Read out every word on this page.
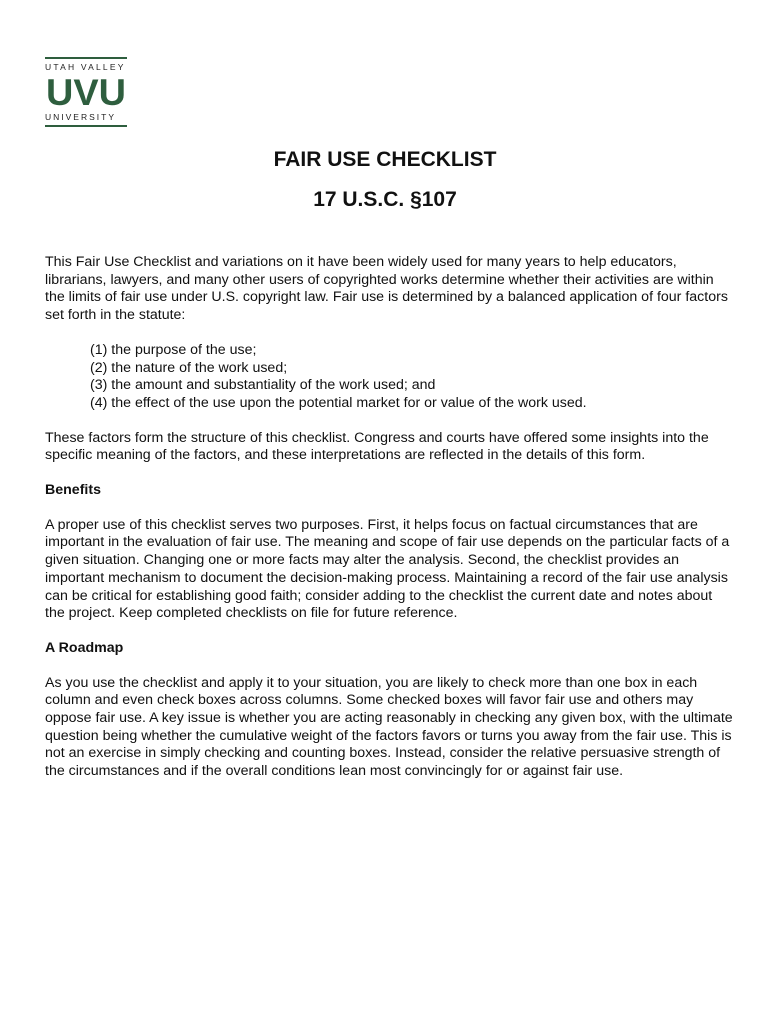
UTAH VALLEY
UVU
UNIVERSITY
FAIR USE CHECKLIST
17 U.S.C. §107

This Fair Use Checklist and variations on it have been widely used for many years to help educators, librarians, lawyers, and many other users of copyrighted works determine whether their activities are within the limits of fair use under U.S. copyright law. Fair use is determined by a balanced application of four factors set forth in the statute:

(1) the purpose of the use;
(2) the nature of the work used;
(3) the amount and substantiality of the work used; and
(4) the effect of the use upon the potential market for or value of the work used.

These factors form the structure of this checklist. Congress and courts have offered some insights into the specific meaning of the factors, and these interpretations are reflected in the details of this form.

Benefits

A proper use of this checklist serves two purposes. First, it helps focus on factual circumstances that are important in the evaluation of fair use. The meaning and scope of fair use depends on the particular facts of a given situation. Changing one or more facts may alter the analysis. Second, the checklist provides an important mechanism to document the decision-making process. Maintaining a record of the fair use analysis can be critical for establishing good faith; consider adding to the checklist the current date and notes about the project. Keep completed checklists on file for future reference.

A Roadmap

As you use the checklist and apply it to your situation, you are likely to check more than one box in each column and even check boxes across columns. Some checked boxes will favor fair use and others may oppose fair use. A key issue is whether you are acting reasonably in checking any given box, with the ultimate question being whether the cumulative weight of the factors favors or turns you away from the fair use. This is not an exercise in simply checking and counting boxes. Instead, consider the relative persuasive strength of the circumstances and if the overall conditions lean most convincingly for or against fair use.
